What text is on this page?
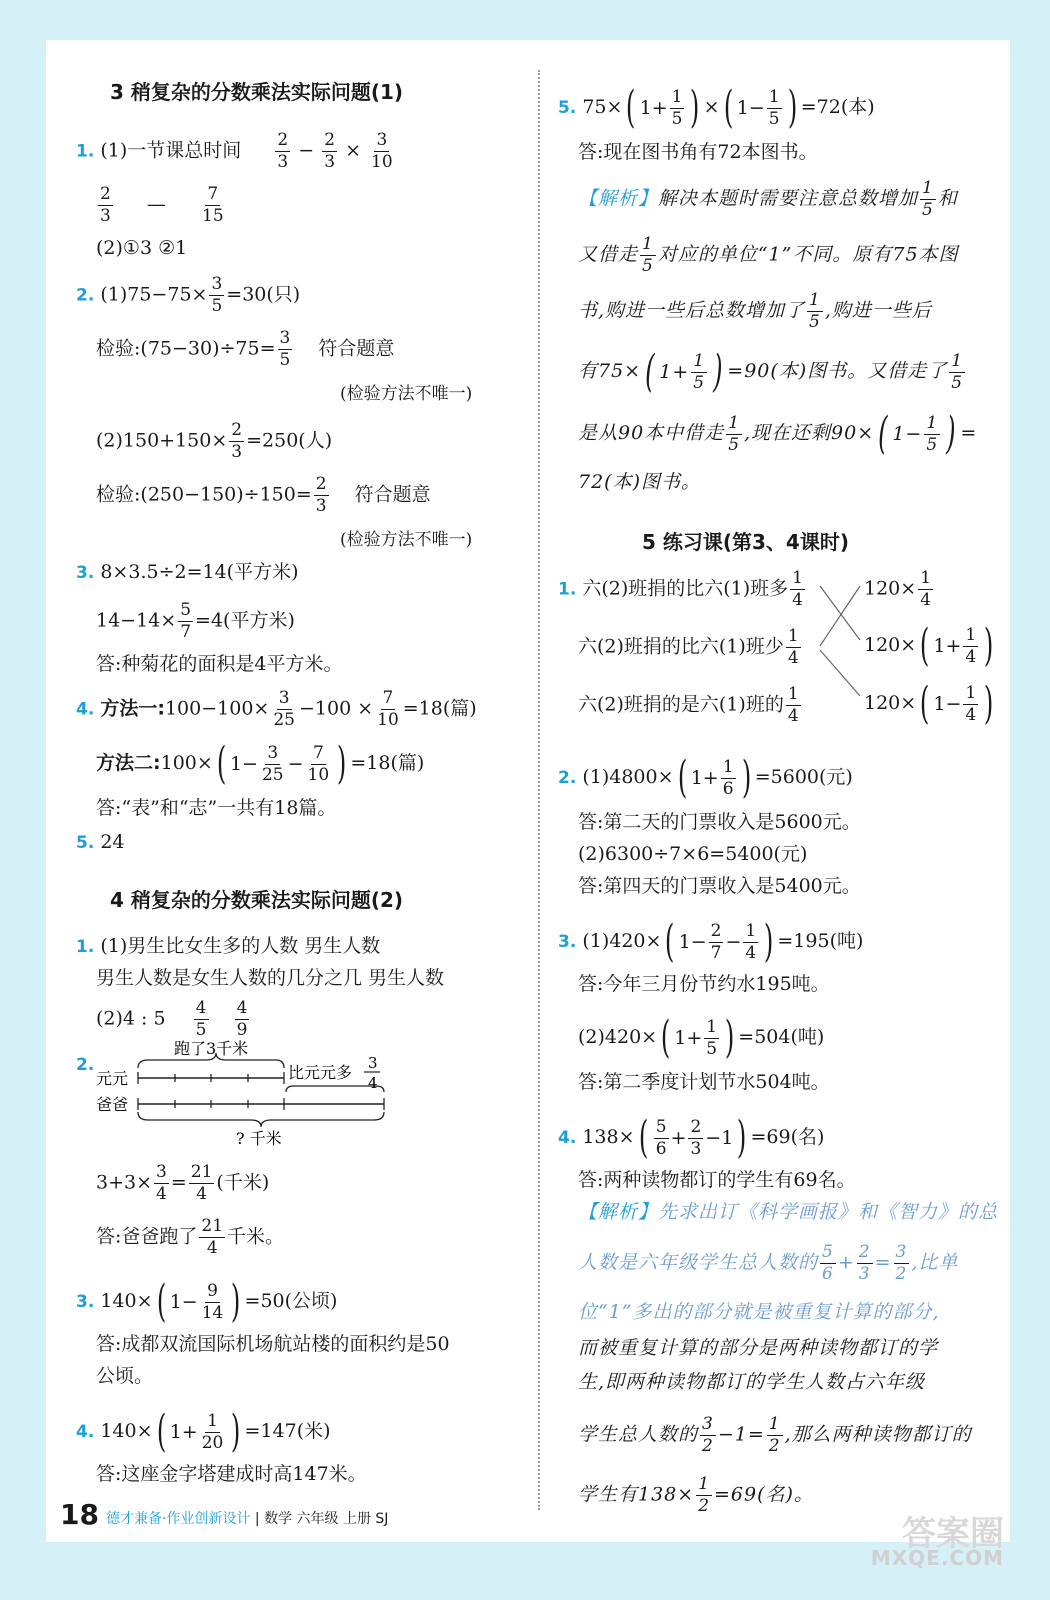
3 稍复杂的分数乘法实际问题(1)
1. (1)一节课总时间 $\frac{2}{3} - \frac{2}{3} \times \frac{3}{10}$
$\frac{2}{3}$ — $\frac{7}{15}$
(2)①3 ②1
2. $(1)75-75\times \frac{3}{5} =30$(只)
检验:(75−30)÷75= $\frac{3}{5}$ 符合题意
(检验方法不唯一)
$(2)150+150\times \frac{2}{3} =250$(人)
检验:(250−150)÷150= $\frac{2}{3}$ 符合题意
(检验方法不唯一)
3. 8×3.5÷2=14(平方米)
$14-14\times \frac{5}{7} =4$(平方米)
答:种菊花的面积是4平方米。
4. 方法一:100−100× $\frac{3}{25} -100 \times \frac{7}{10} =18$(篇)
方法二:100× ( $1- \frac{3}{25} - \frac{7}{10}$ ) =18(篇)
答:“表”和“志”一共有18篇。
5. 24
4 稍复杂的分数乘法实际问题(2)
1. (1)男生比女生多的人数 男生人数
男生人数是女生人数的几分之几 男生人数
(2)4 : $5 \frac{4}{5}$
$\frac{4}{9}$
2.
跑了3千米
元元
爸爸
比元元多 3
4
? 千米
$3+3\times \frac{3}{4} = \frac{21}{4}$ (千米)
答:爸爸跑了 $\frac{21}{4}$ 千米。
3. 140× ( $1- \frac{9}{14}$ ) =50(公顷)
答:成都双流国际机场航站楼的面积约是50
公顷。
4. 140× ( $1+ \frac{1}{20}$ ) =147(米)
答:这座金字塔建成时高147米。
5. 75× ( $1+ \frac{1}{5}$ ) × ( $1- \frac{1}{5}$ ) =72(本)
答:现在图书角有72本图书。
【解析】解决本题时需要注意总数增加 $\frac{1}{5}$ 和
又借走 $\frac{1}{5}$ 对应的单位“1”不同。原有75本图
书,购进一些后总数增加了 $\frac{1}{5}$ ,购进一些后
有75× ( $1+ \frac{1}{5}$ ) =90(本)图书。又借走了 $\frac{1}{5}$
是从90本中借走 $\frac{1}{5}$ ,现在还剩90× ( $1- \frac{1}{5}$ ) =
72(本)图书。
5 练习课(第3、4课时)
1. 六(2)班捐的比六(1)班多 $\frac{1}{4}$
六(2)班捐的比六(1)班少 $\frac{1}{4}$
六(2)班捐的是六(1)班的 $\frac{1}{4}$
$120\times \frac{1}{4}$
120× ( $1+ \frac{1}{4}$ )
120× ( $1- \frac{1}{4}$ )
2. (1)4800× ( $1+ \frac{1}{6}$ ) =5600(元)
答:第二天的门票收入是5600元。
(2)6300÷7×6=5400(元)
答:第四天的门票收入是5400元。
3. (1)420× ( $1- \frac{2}{7} - \frac{1}{4}$ ) =195(吨)
答:今年三月份节约水195吨。
(2)420× ( $1+ \frac{1}{5}$ ) =504(吨)
答:第二季度计划节水504吨。
4. 138× ( $\frac{5}{6} + \frac{2}{3} -1$ ) =69(名)
答:两种读物都订的学生有69名。
【解析】先求出订《科学画报》和《智力》的总
人数是六年级学生总人数的 $\frac{5}{6} + \frac{2}{3} = \frac{3}{2}$ ,比单
位“1”多出的部分就是被重复计算的部分,
而被重复计算的部分是两种读物都订的学
生,即两种读物都订的学生人数占六年级
学生总人数的 $\frac{3}{2} -1= \frac{1}{2}$ ,那么两种读物都订的
学生有$138\times \frac{1}{2} =69$(名)。
18 德才兼备·作业创新设计 | 数学 六年级 上册 SJ	答案圈
MXQE.COM
